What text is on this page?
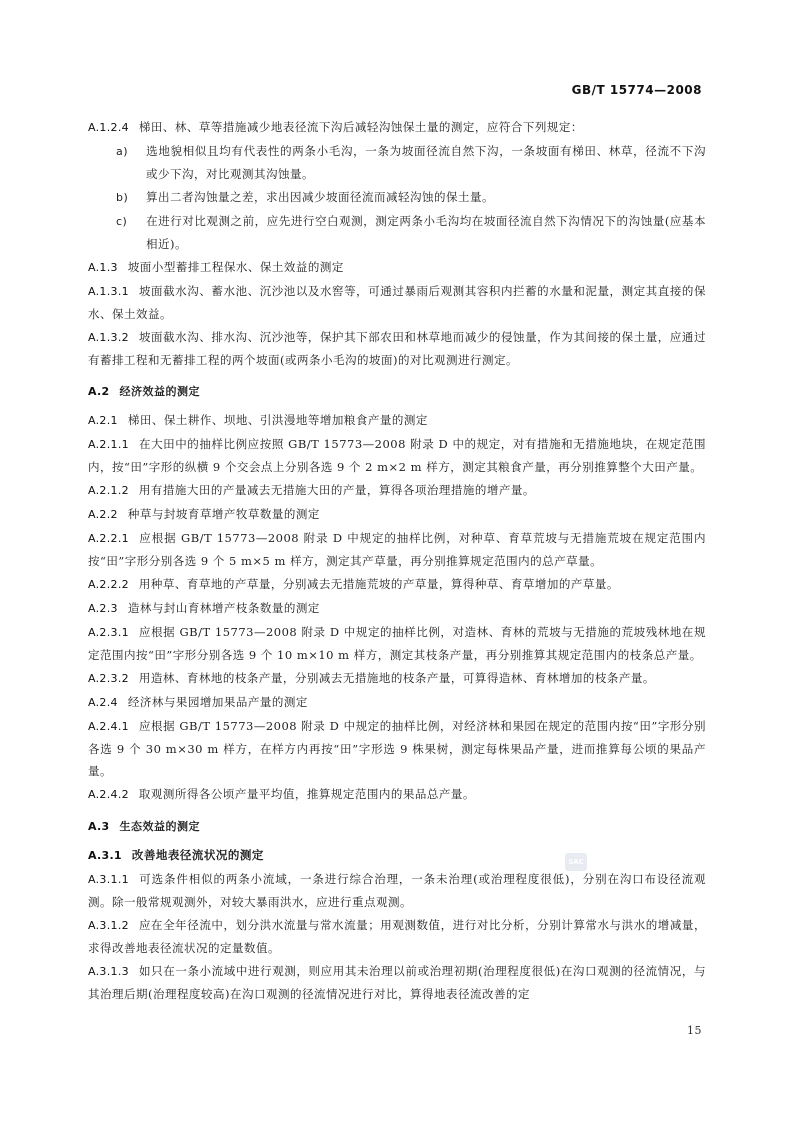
GB/T 15774—2008

A.1.2.4 梯田、林、草等措施减少地表径流下沟后减轻沟蚀保土量的测定，应符合下列规定：

a) 选地貌相似且均有代表性的两条小毛沟，一条为坡面径流自然下沟，一条坡面有梯田、林草，径流不下沟或少下沟，对比观测其沟蚀量。

b) 算出二者沟蚀量之差，求出因减少坡面径流而减轻沟蚀的保土量。

c) 在进行对比观测之前，应先进行空白观测，测定两条小毛沟均在坡面径流自然下沟情况下的沟蚀量(应基本相近)。

A.1.3 坡面小型蓄排工程保水、保土效益的测定

A.1.3.1 坡面截水沟、蓄水池、沉沙池以及水窖等，可通过暴雨后观测其容积内拦蓄的水量和泥量，测定其直接的保水、保土效益。

A.1.3.2 坡面截水沟、排水沟、沉沙池等，保护其下部农田和林草地而减少的侵蚀量，作为其间接的保土量，应通过有蓄排工程和无蓄排工程的两个坡面(或两条小毛沟的坡面)的对比观测进行测定。

A.2 经济效益的测定

A.2.1 梯田、保土耕作、坝地、引洪漫地等增加粮食产量的测定

A.2.1.1 在大田中的抽样比例应按照 GB/T 15773—2008 附录 D 中的规定，对有措施和无措施地块，在规定范围内，按“田”字形的纵横 9 个交会点上分别各选 9 个 2 m×2 m 样方，测定其粮食产量，再分别推算整个大田产量。

A.2.1.2 用有措施大田的产量减去无措施大田的产量，算得各项治理措施的增产量。

A.2.2 种草与封坡育草增产牧草数量的测定

A.2.2.1 应根据 GB/T 15773—2008 附录 D 中规定的抽样比例，对种草、育草荒坡与无措施荒坡在规定范围内按“田”字形分别各选 9 个 5 m×5 m 样方，测定其产草量，再分别推算规定范围内的总产草量。

A.2.2.2 用种草、育草地的产草量，分别减去无措施荒坡的产草量，算得种草、育草增加的产草量。

A.2.3 造林与封山育林增产枝条数量的测定

A.2.3.1 应根据 GB/T 15773—2008 附录 D 中规定的抽样比例，对造林、育林的荒坡与无措施的荒坡残林地在规定范围内按“田”字形分别各选 9 个 10 m×10 m 样方，测定其枝条产量，再分别推算其规定范围内的枝条总产量。

A.2.3.2 用造林、育林地的枝条产量，分别减去无措施地的枝条产量，可算得造林、育林增加的枝条产量。

A.2.4 经济林与果园增加果品产量的测定

A.2.4.1 应根据 GB/T 15773—2008 附录 D 中规定的抽样比例，对经济林和果园在规定的范围内按“田”字形分别各选 9 个 30 m×30 m 样方，在样方内再按“田”字形选 9 株果树，测定每株果品产量，进而推算每公顷的果品产量。

A.2.4.2 取观测所得各公顷产量平均值，推算规定范围内的果品总产量。

A.3 生态效益的测定

A.3.1 改善地表径流状况的测定

A.3.1.1 可选条件相似的两条小流域，一条进行综合治理，一条未治理(或治理程度很低)，分别在沟口布设径流观测。除一般常规观测外，对较大暴雨洪水，应进行重点观测。

A.3.1.2 应在全年径流中，划分洪水流量与常水流量；用观测数值，进行对比分析，分别计算常水与洪水的增减量，求得改善地表径流状况的定量数值。

A.3.1.3 如只在一条小流域中进行观测，则应用其未治理以前或治理初期(治理程度很低)在沟口观测的径流情况，与其治理后期(治理程度较高)在沟口观测的径流情况进行对比，算得地表径流改善的定

SAC
15
